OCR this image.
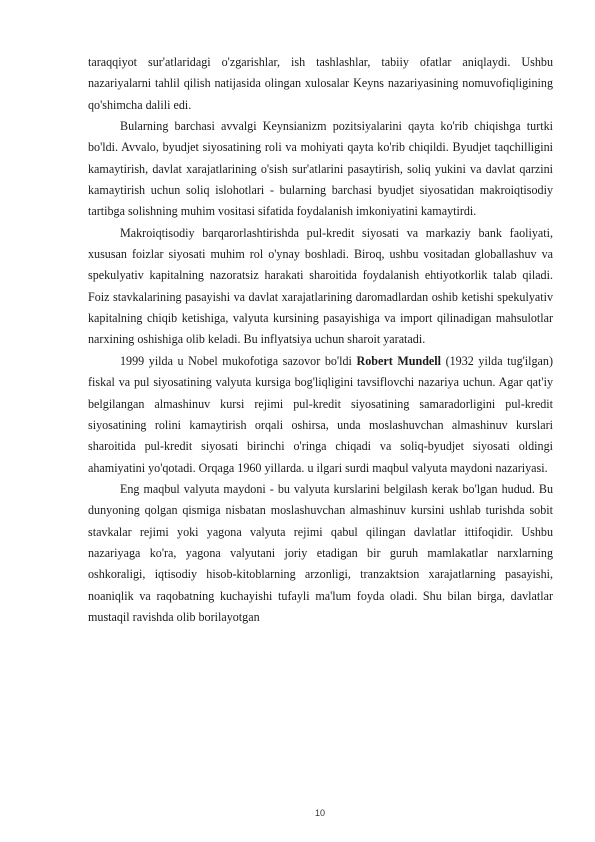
taraqqiyot sur'atlaridagi o'zgarishlar, ish tashlashlar, tabiiy ofatlar aniqlaydi. Ushbu nazariyalarni tahlil qilish natijasida olingan xulosalar Keyns nazariyasining nomuvofiqligining qo'shimcha dalili edi.

Bularning barchasi avvalgi Keynsianizm pozitsiyalarini qayta ko'rib chiqishga turtki bo'ldi. Avvalo, byudjet siyosatining roli va mohiyati qayta ko'rib chiqildi. Byudjet taqchilligini kamaytirish, davlat xarajatlarining o'sish sur'atlarini pasaytirish, soliq yukini va davlat qarzini kamaytirish uchun soliq islohotlari - bularning barchasi byudjet siyosatidan makroiqtisodiy tartibga solishning muhim vositasi sifatida foydalanish imkoniyatini kamaytirdi.

Makroiqtisodiy barqarorlashtirishda pul-kredit siyosati va markaziy bank faoliyati, xususan foizlar siyosati muhim rol o'ynay boshladi. Biroq, ushbu vositadan globallashuv va spekulyativ kapitalning nazoratsiz harakati sharoitida foydalanish ehtiyotkorlik talab qiladi. Foiz stavkalarining pasayishi va davlat xarajatlarining daromadlardan oshib ketishi spekulyativ kapitalning chiqib ketishiga, valyuta kursining pasayishiga va import qilinadigan mahsulotlar narxining oshishiga olib keladi. Bu inflyatsiya uchun sharoit yaratadi.

1999 yilda u Nobel mukofotiga sazovor bo'ldi Robert Mundell (1932 yilda tug'ilgan) fiskal va pul siyosatining valyuta kursiga bog'liqligini tavsiflovchi nazariya uchun. Agar qat'iy belgilangan almashinuv kursi rejimi pul-kredit siyosatining samaradorligini pul-kredit siyosatining rolini kamaytirish orqali oshirsa, unda moslashuvchan almashinuv kurslari sharoitida pul-kredit siyosati birinchi o'ringa chiqadi va soliq-byudjet siyosati oldingi ahamiyatini yo'qotadi. Orqaga 1960 yillarda. u ilgari surdi maqbul valyuta maydoni nazariyasi.

Eng maqbul valyuta maydoni - bu valyuta kurslarini belgilash kerak bo'lgan hudud. Bu dunyoning qolgan qismiga nisbatan moslashuvchan almashinuv kursini ushlab turishda sobit stavkalar rejimi yoki yagona valyuta rejimi qabul qilingan davlatlar ittifoqidir. Ushbu nazariyaga ko'ra, yagona valyutani joriy etadigan bir guruh mamlakatlar narxlarning oshkoraligi, iqtisodiy hisob-kitoblarning arzonligi, tranzaktsion xarajatlarning pasayishi, noaniqlik va raqobatning kuchayishi tufayli ma'lum foyda oladi. Shu bilan birga, davlatlar mustaqil ravishda olib borilayotgan

10
